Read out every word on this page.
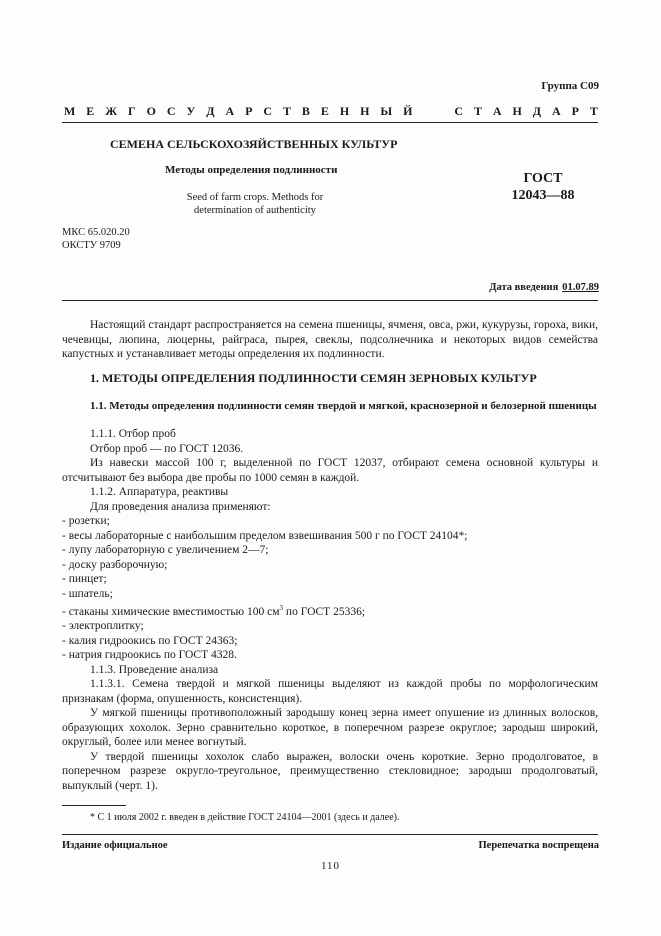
Группа С09
М Е Ж Г О С У Д А Р С Т В Е Н Н Ы Й	С Т А Н Д А Р Т
СЕМЕНА СЕЛЬСКОХОЗЯЙСТВЕННЫХ КУЛЬТУР
Методы определения подлинности
Seed of farm crops. Methods for
determination of authenticity
ГОСТ
12043—88
МКС 65.020.20
ОКСТУ 9709
Дата введения 01.07.89

Настоящий стандарт распространяется на семена пшеницы, ячменя, овса, ржи, кукурузы, гороха, вики, чечевицы, люпина, люцерны, райграса, пырея, свеклы, подсолнечника и некоторых видов семейства капустных и устанавливает методы определения их подлинности.

1. МЕТОДЫ ОПРЕДЕЛЕНИЯ ПОДЛИННОСТИ СЕМЯН ЗЕРНОВЫХ КУЛЬТУР
1.1. Методы определения подлинности семян твердой и мягкой, краснозерной и белозерной пшеницы

1.1.1. Отбор проб

Отбор проб — по ГОСТ 12036.

Из навески массой 100 г, выделенной по ГОСТ 12037, отбирают семена основной культуры и отсчитывают без выбора две пробы по 1000 семян в каждой.

1.1.2. Аппаратура, реактивы

Для проведения анализа применяют:

- розетки;

- весы лабораторные с наибольшим пределом взвешивания 500 г по ГОСТ 24104*;

- лупу лабораторную с увеличением 2—7;

- доску разборочную;

- пинцет;

- шпатель;

- стаканы химические вместимостью 100 $см^3$ по ГОСТ 25336;

- электроплитку;

- калия гидроокись по ГОСТ 24363;

- натрия гидроокись по ГОСТ 4328.

1.1.3. Проведение анализа

1.1.3.1. Семена твердой и мягкой пшеницы выделяют из каждой пробы по морфологическим признакам (форма, опушенность, консистенция).

У мягкой пшеницы противоположный зародышу конец зерна имеет опушение из длинных волосков, образующих хохолок. Зерно сравнительно короткое, в поперечном разрезе округлое; зародыш широкий, округлый, более или менее вогнутый.

У твердой пшеницы хохолок слабо выражен, волоски очень короткие. Зерно продолговатое, в поперечном разрезе округло-треугольное, преимущественно стекловидное; зародыш продолговатый, выпуклый (черт. 1).

* С 1 июля 2002 г. введен в действие ГОСТ 24104—2001 (здесь и далее).
Издание официальное	Перепечатка воспрещена
110
